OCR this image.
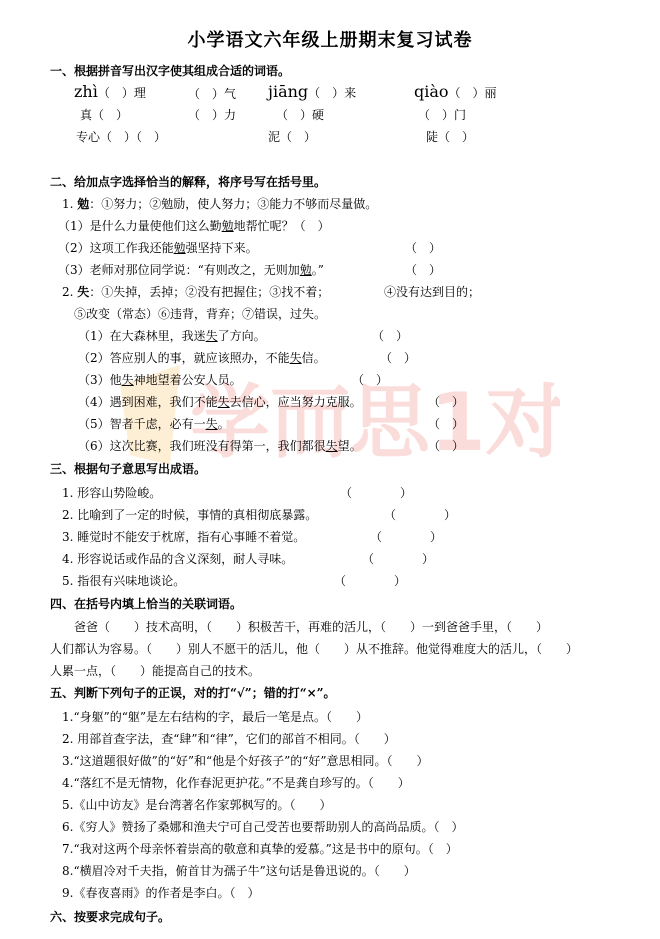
学而思1对
小学语文六年级上册期末复习试卷
一、根据拼音写出汉字使其组成合适的词语。
zhì（　）理	（　）气 jiāng（　）来	qiào（　）丽
真（　）	（　）力	（　）硬	（　）门
专心（　）（　）	泥（　）	陡（　）
二、给加点字选择恰当的解释，将序号写在括号里。
1. 勉：①努力；②勉励，使人努力；③能力不够而尽量做。
（1）是什么力量使他们这么勤勉地帮忙呢？（　）
（2）这项工作我还能勉强坚持下来。	（　）
（3）老师对那位同学说：“有则改之，无则加勉。”	（　）
2. 失：①失掉，丢掉；②没有把握住；③找不着；	④没有达到目的；
⑤改变（常态）⑥违背，背弃；⑦错误，过失。
（1）在大森林里，我迷失了方向。	（　）
（2）答应别人的事，就应该照办，不能失信。	（　）
（3）他失神地望着公安人员。	（　）
（4）遇到困难，我们不能失去信心，应当努力克服。	（　）
（5）智者千虑，必有一失。	（　）
（6）这次比赛，我们班没有得第一，我们都很失望。	（　）
三、根据句子意思写出成语。
1. 形容山势险峻。	（　　　　）
2. 比喻到了一定的时候，事情的真相彻底暴露。	（　　　　）
3. 睡觉时不能安于枕席，指有心事睡不着觉。	（　　　　）
4. 形容说话或作品的含义深刻，耐人寻味。	（　　　　）
5. 指很有兴味地谈论。	（　　　　）
四、在括号内填上恰当的关联词语。
爸爸（　　）技术高明，（　　）积极苦干，再难的活儿，（　　）一到爸爸手里，（　　）
人们都认为容易。（　　）别人不愿干的活儿，他（　　）从不推辞。他觉得难度大的活儿，（　　）
人累一点，（　　）能提高自己的技术。
五、判断下列句子的正误，对的打“√”；错的打“×”。
1.“身躯”的“躯”是左右结构的字，最后一笔是点。（　　）
2. 用部首查字法，查“肆”和“律”，它们的部首不相同。（　　）
3.“这道题很好做”的“好”和“他是个好孩子”的“好”意思相同。（　　）
4.“落红不是无情物，化作春泥更护花。”不是龚自珍写的。（　　）
5.《山中访友》是台湾著名作家郭枫写的。（　　）
6.《穷人》赞扬了桑娜和渔夫宁可自己受苦也要帮助别人的高尚品质。（　）
7.“我对这两个母亲怀着崇高的敬意和真挚的爱慕。”这是书中的原句。（　）
8.“横眉冷对千夫指，俯首甘为孺子牛”这句话是鲁迅说的。（　　）
9.《春夜喜雨》的作者是李白。（　）
六、按要求完成句子。
